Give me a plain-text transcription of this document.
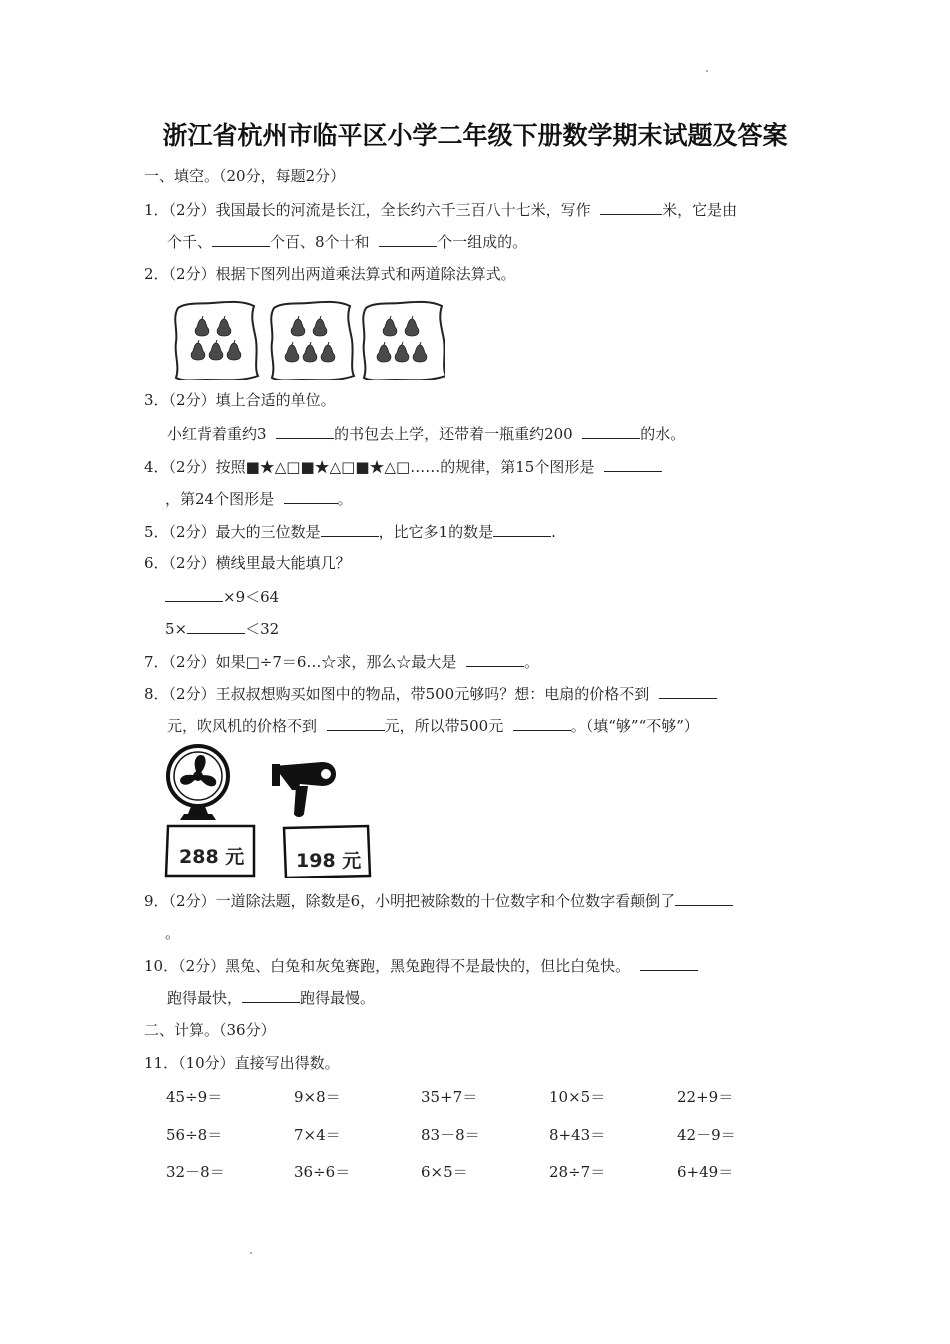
浙江省杭州市临平区小学二年级下册数学期末试题及答案
一、填空。（20分，每题2分）
1．（2分）我国最长的河流是长江，全长约六千三百八十七米，写作	米，它是由
个千、	个百、8个十和	个一组成的。
2．（2分）根据下图列出两道乘法算式和两道除法算式。
3．（2分）填上合适的单位。
小红背着重约3	的书包去上学，还带着一瓶重约200	的水。
4．（2分）按照■★△□■★△□■★△□……的规律，第15个图形是
，第24个图形是	。
5．（2分）最大的三位数是	，比它多1的数是	.
6．（2分）横线里最大能填几？
×9＜64
5×	＜32
7．（2分）如果□÷7＝6…☆求，那么☆最大是	。
8．（2分）王叔叔想购买如图中的物品，带500元够吗？想：电扇的价格不到
元，吹风机的价格不到	元，所以带500元	。（填“够”“不够”）
288 元	198 元
9．（2分）一道除法题，除数是6，小明把被除数的十位数字和个位数字看颠倒了
。
10．（2分）黑兔、白兔和灰兔赛跑，黑兔跑得不是最快的，但比白兔快。
跑得最快，	跑得最慢。
二、计算。（36分）
11．（10分）直接写出得数。
45÷9＝	9×8＝	35+7＝	10×5＝	22+9＝
56÷8＝	7×4＝	83－8＝	8+43＝	42－9＝
32－8＝	36÷6＝	6×5＝	28÷7＝	6+49＝
